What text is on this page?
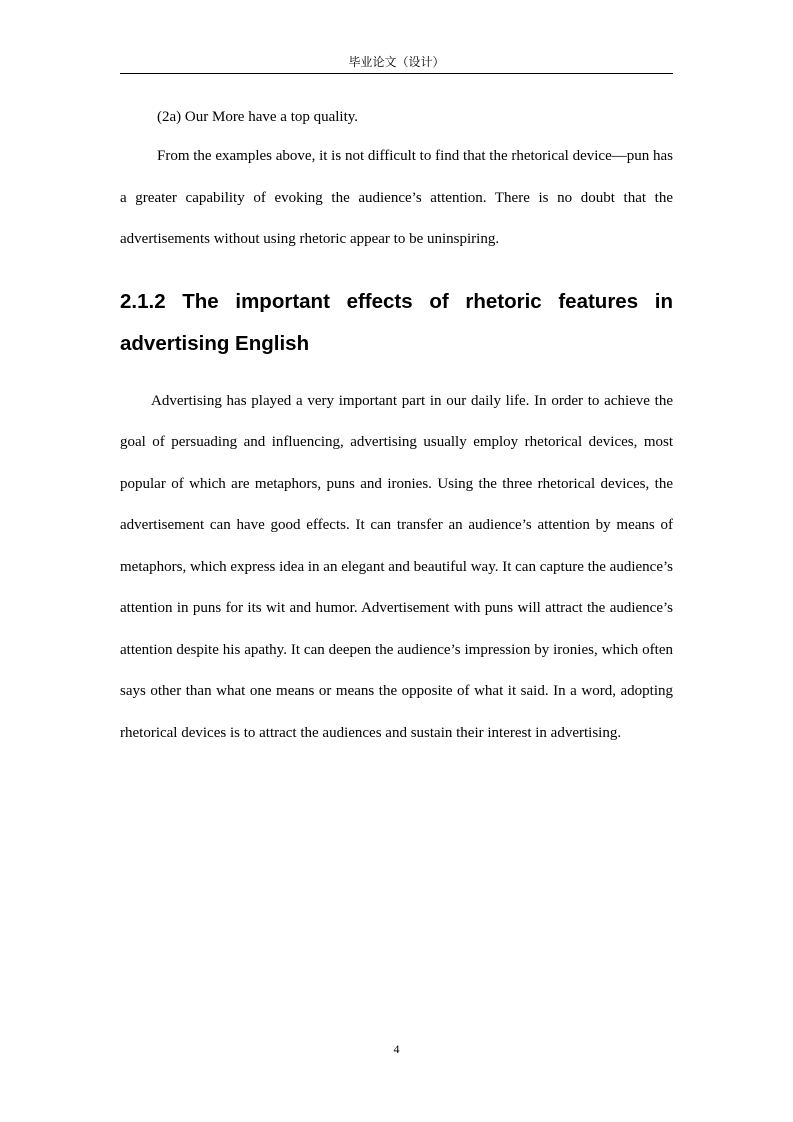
毕业论文（设计）

(2a) Our More have a top quality.

From the examples above, it is not difficult to find that the rhetorical device—pun has a greater capability of evoking the audience’s attention. There is no doubt that the advertisements without using rhetoric appear to be uninspiring.

2.1.2 The important effects of rhetoric features in advertising English

Advertising has played a very important part in our daily life. In order to achieve the goal of persuading and influencing, advertising usually employ rhetorical devices, most popular of which are metaphors, puns and ironies. Using the three rhetorical devices, the advertisement can have good effects. It can transfer an audience’s attention by means of metaphors, which express idea in an elegant and beautiful way. It can capture the audience’s attention in puns for its wit and humor. Advertisement with puns will attract the audience’s attention despite his apathy. It can deepen the audience’s impression by ironies, which often says other than what one means or means the opposite of what it said. In a word, adopting rhetorical devices is to attract the audiences and sustain their interest in advertising.

4
